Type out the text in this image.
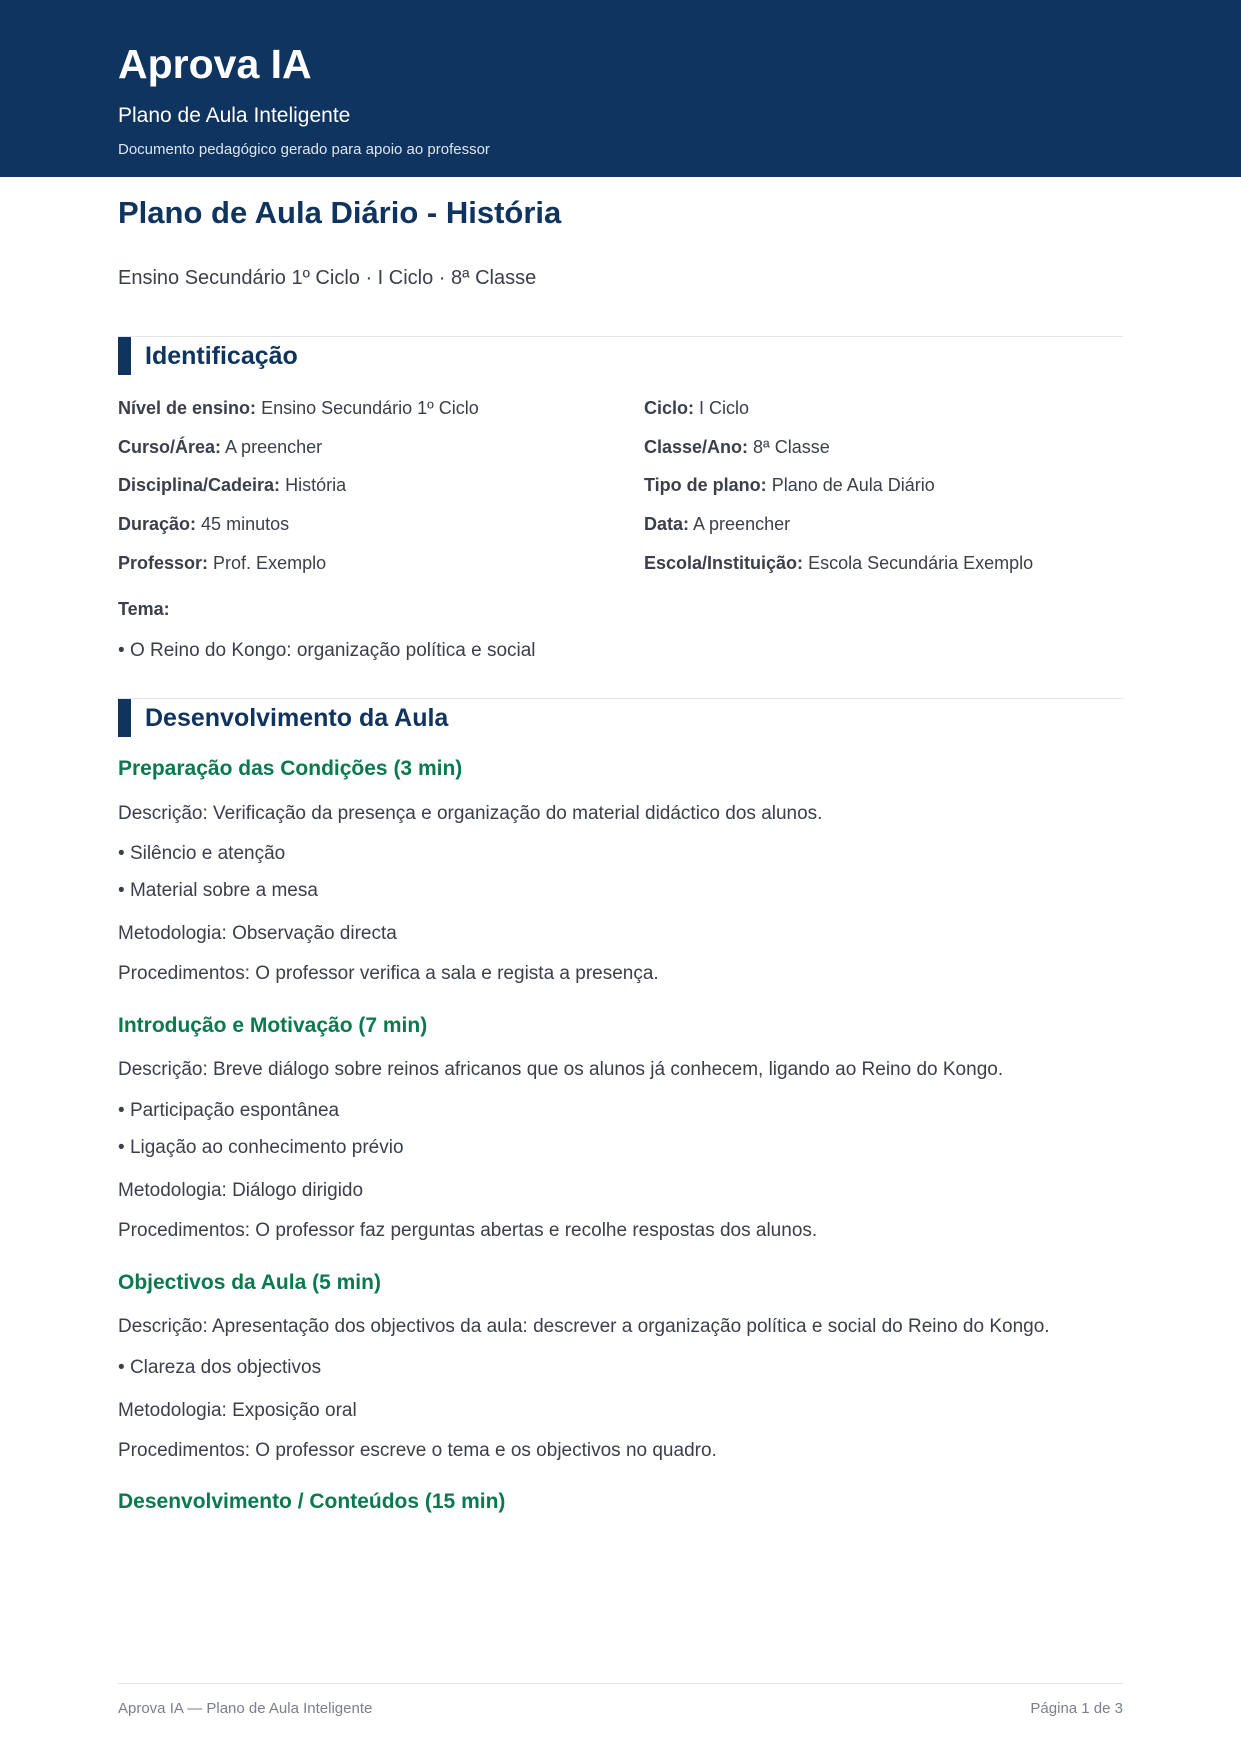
Aprova IA
Plano de Aula Inteligente
Documento pedagógico gerado para apoio ao professor
Plano de Aula Diário - História
Ensino Secundário 1º Ciclo · I Ciclo · 8ª Classe
Identificação
Nível de ensino: Ensino Secundário 1º Ciclo	Ciclo: I Ciclo
Curso/Área: A preencher	Classe/Ano: 8ª Classe
Disciplina/Cadeira: História	Tipo de plano: Plano de Aula Diário
Duração: 45 minutos	Data: A preencher
Professor: Prof. Exemplo	Escola/Instituição: Escola Secundária Exemplo
Tema:
• O Reino do Kongo: organização política e social
Desenvolvimento da Aula
Preparação das Condições (3 min)
Descrição: Verificação da presença e organização do material didáctico dos alunos.
• Silêncio e atenção
• Material sobre a mesa
Metodologia: Observação directa
Procedimentos: O professor verifica a sala e regista a presença.
Introdução e Motivação (7 min)
Descrição: Breve diálogo sobre reinos africanos que os alunos já conhecem, ligando ao Reino do Kongo.
• Participação espontânea
• Ligação ao conhecimento prévio
Metodologia: Diálogo dirigido
Procedimentos: O professor faz perguntas abertas e recolhe respostas dos alunos.
Objectivos da Aula (5 min)
Descrição: Apresentação dos objectivos da aula: descrever a organização política e social do Reino do Kongo.
• Clareza dos objectivos
Metodologia: Exposição oral
Procedimentos: O professor escreve o tema e os objectivos no quadro.
Desenvolvimento / Conteúdos (15 min)
Aprova IA — Plano de Aula Inteligente	Página 1 de 3
